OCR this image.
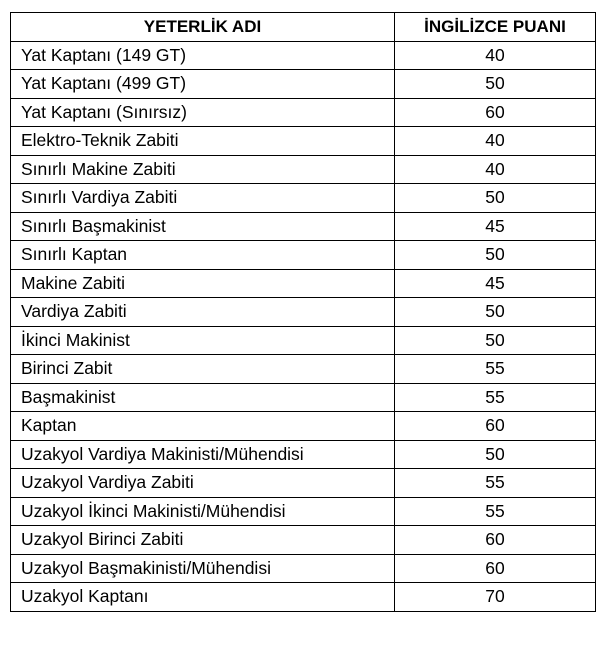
YETERLİK ADI	İNGİLİZCE PUANI
Yat Kaptanı (149 GT)	40
Yat Kaptanı (499 GT)	50
Yat Kaptanı (Sınırsız)	60
Elektro-Teknik Zabiti	40
Sınırlı Makine Zabiti	40
Sınırlı Vardiya Zabiti	50
Sınırlı Başmakinist	45
Sınırlı Kaptan	50
Makine Zabiti	45
Vardiya Zabiti	50
İkinci Makinist	50
Birinci Zabit	55
Başmakinist	55
Kaptan	60
Uzakyol Vardiya Makinisti/Mühendisi	50
Uzakyol Vardiya Zabiti	55
Uzakyol İkinci Makinisti/Mühendisi	55
Uzakyol Birinci Zabiti	60
Uzakyol Başmakinisti/Mühendisi	60
Uzakyol Kaptanı	70
